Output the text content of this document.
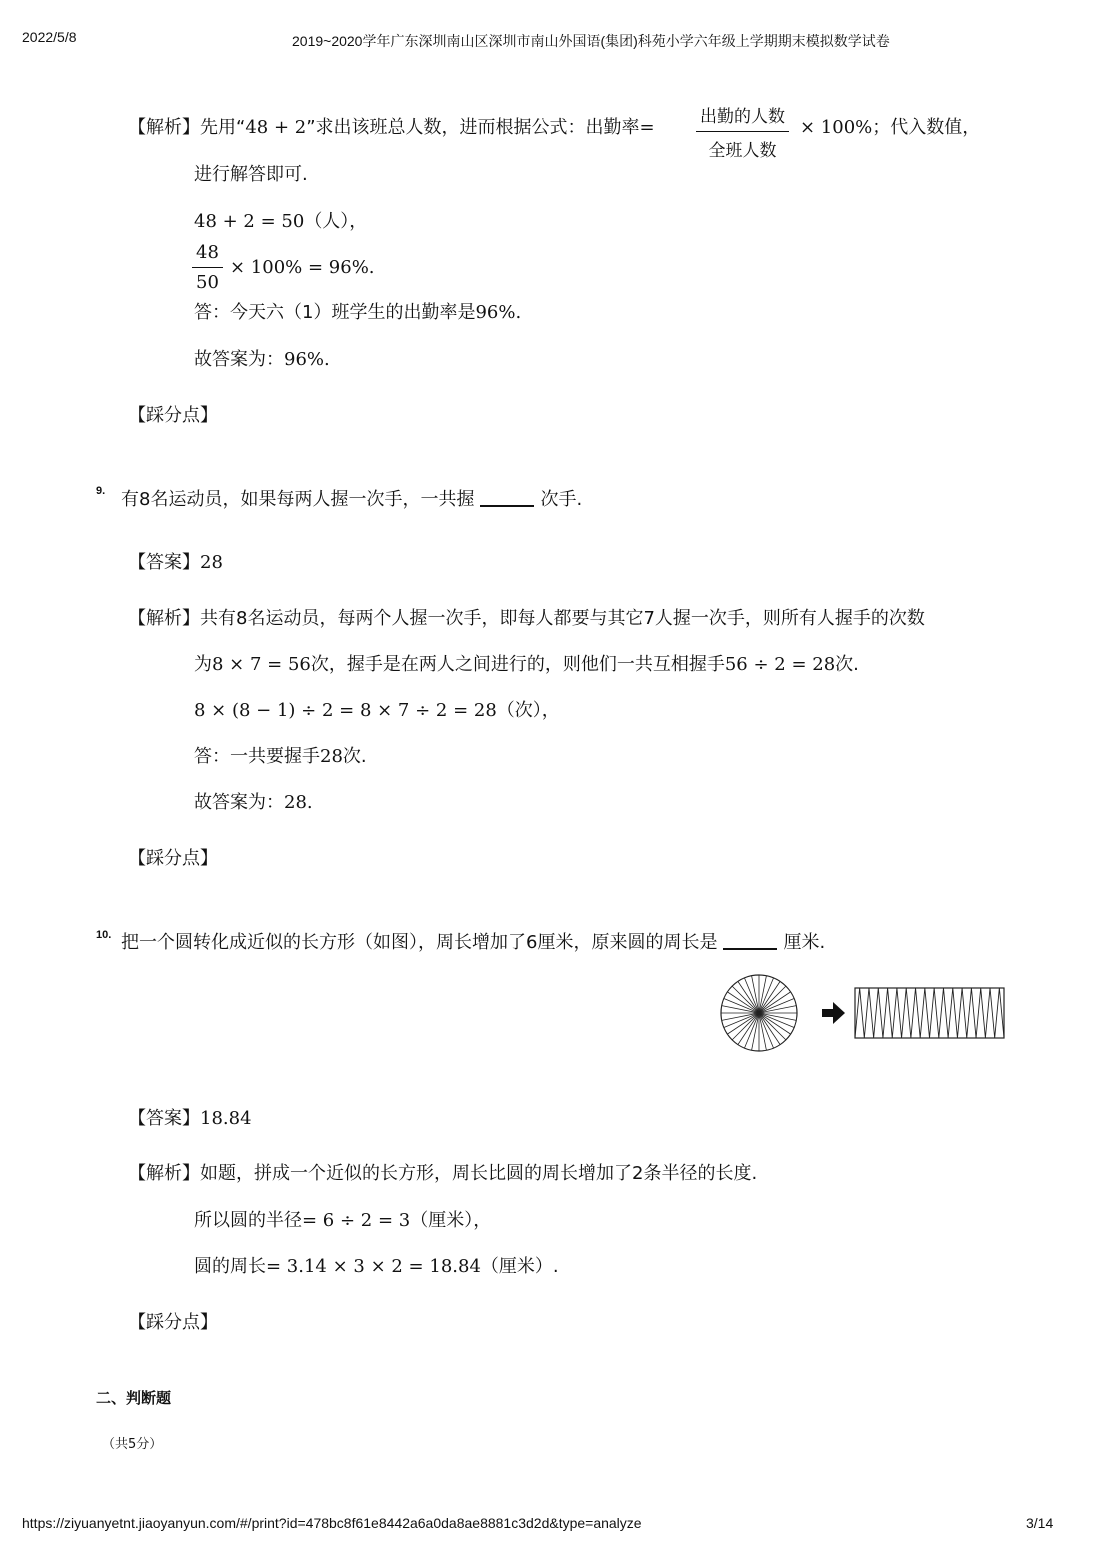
2022/5/8	2019~2020学年广东深圳南山区深圳市南山外国语(集团)科苑小学六年级上学期期末模拟数学试卷
【解析】先用“48 + 2”求出该班总人数，进而根据公式：出勤率=	出勤的人数
全班人数
× 100%；代入数值，
进行解答即可.
48 + 2 = 50（人），
$\frac{48}{50} \times 100\% = 96\%$.
答：今天六（1）班学生的出勤率是96%.
故答案为：96%.
【踩分点】
9. 有8名运动员，如果每两人握一次手，一共握	次手.
【答案】28
【解析】共有8名运动员，每两个人握一次手，即每人都要与其它7人握一次手，则所有人握手的次数
为8 × 7 = 56次，握手是在两人之间进行的，则他们一共互相握手56 ÷ 2 = 28次.
8 × (8 − 1) ÷ 2 = 8 × 7 ÷ 2 = 28（次），
答：一共要握手28次.
故答案为：28.
【踩分点】
10. 把一个圆转化成近似的长方形（如图），周长增加了6厘米，原来圆的周长是	厘米.
【答案】18.84
【解析】如题，拼成一个近似的长方形，周长比圆的周长增加了2条半径的长度.
所以圆的半径= 6 ÷ 2 = 3（厘米），
圆的周长= 3.14 × 3 × 2 = 18.84（厘米）.
【踩分点】
二、判断题
（共5分）
https://ziyuanyetnt.jiaoyanyun.com/#/print?id=478bc8f61e8442a6a0da8ae8881c3d2d&type=analyze	3/14
